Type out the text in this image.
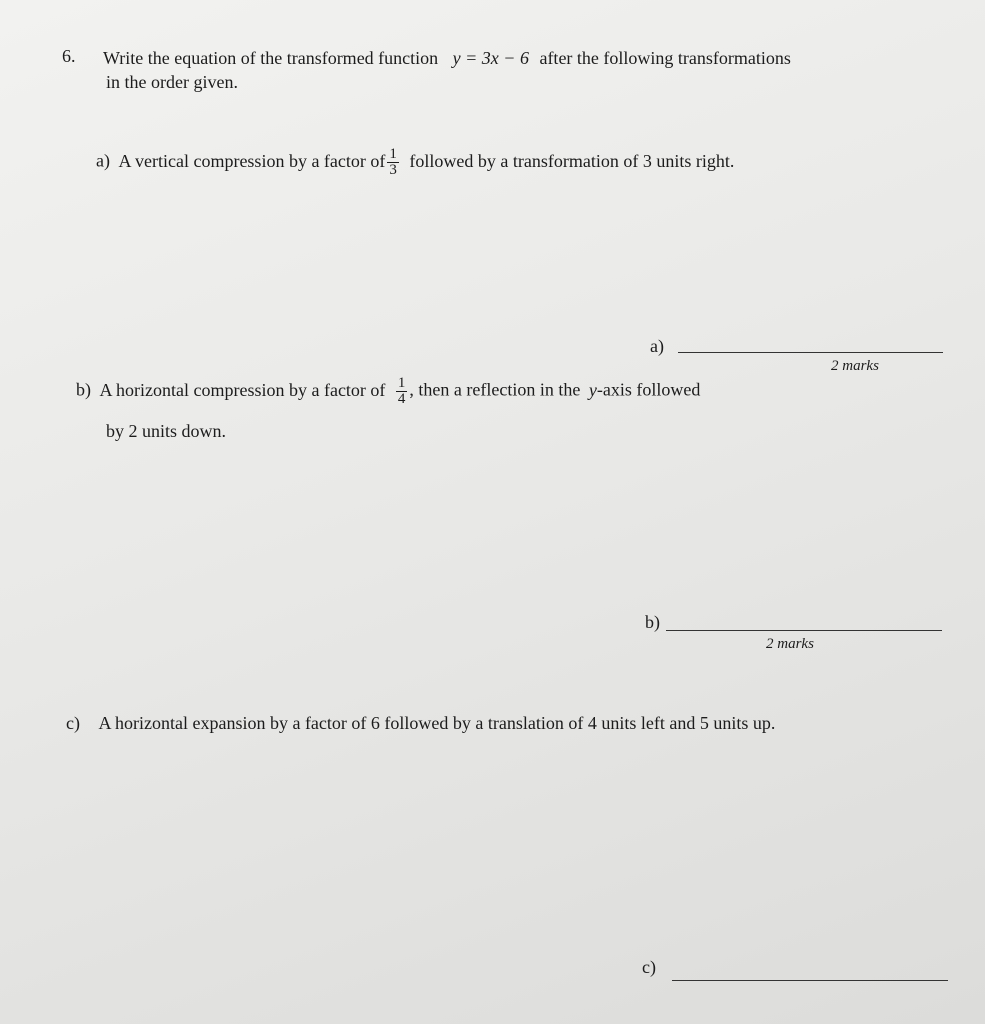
6. Write the equation of the transformed function y = 3x − 6 after the following transformations
in the order given.
a) A vertical compression by a factor of $\frac{1}{3}$ followed by a transformation of 3 units right.
a)
2 marks
b) A horizontal compression by a factor of $\frac{1}{4}$ , then a reflection in the y-axis followed
by 2 units down.
b)
2 marks
c) A horizontal expansion by a factor of 6 followed by a translation of 4 units left and 5 units up.
c)
